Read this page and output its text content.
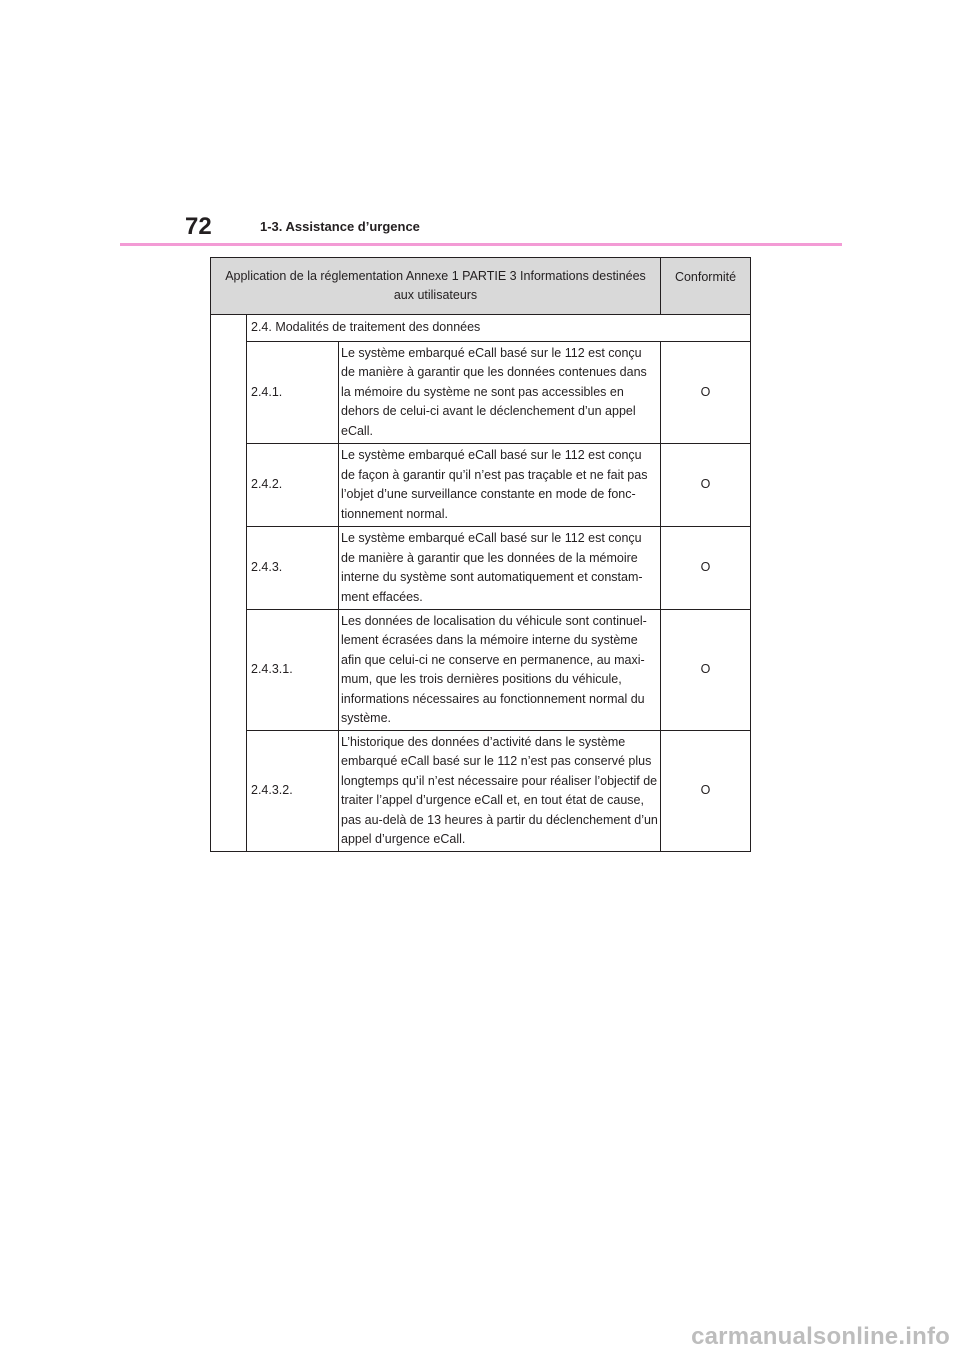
72	1-3. Assistance d’urgence
Application de la réglementation Annexe 1 PARTIE 3 Informations destinées aux utilisateurs			Conformité
	2.4. Modalités de traitement des données		
	2.4.1.	Le système embarqué eCall basé sur le 112 est conçu de manière à garantir que les données contenues dans la mémoire du système ne sont pas accessibles en dehors de celui-ci avant le déclenchement d’un appel eCall.	O
	2.4.2.	Le système embarqué eCall basé sur le 112 est conçu de façon à garantir qu’il n’est pas traçable et ne fait pas l’objet d’une surveillance constante en mode de fonc-tionnement normal.	O
	2.4.3.	Le système embarqué eCall basé sur le 112 est conçu de manière à garantir que les données de la mémoire interne du système sont automatiquement et constam-ment effacées.	O
	2.4.3.1.	Les données de localisation du véhicule sont continuel-lement écrasées dans la mémoire interne du système afin que celui-ci ne conserve en permanence, au maxi-mum, que les trois dernières positions du véhicule, informations nécessaires au fonctionnement normal du système.	O
	2.4.3.2.	L’historique des données d’activité dans le système embarqué eCall basé sur le 112 n’est pas conservé plus longtemps qu’il n’est nécessaire pour réaliser l’objectif de traiter l’appel d’urgence eCall et, en tout état de cause, pas au-delà de 13 heures à partir du déclenchement d’un appel d’urgence eCall.	O
carmanualsonline.info
